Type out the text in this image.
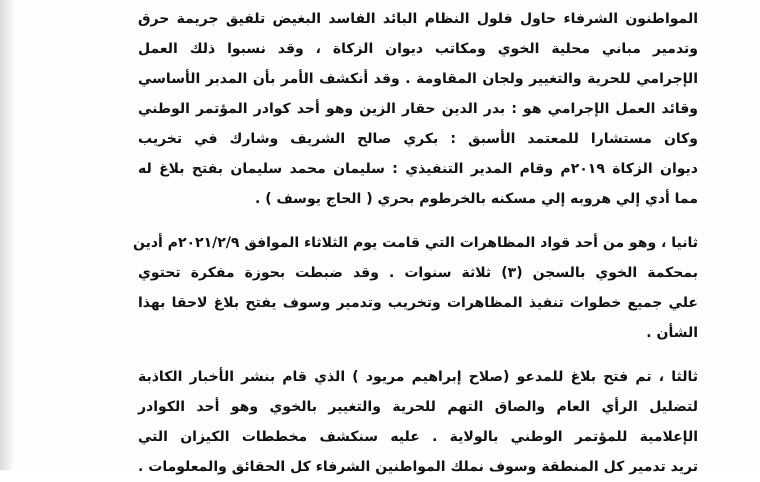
المواطنون الشرفاء حاول فلول النظام البائد الفاسد البغيض تلفيق جريمة حرق
وتدمير مباني محلية الخوي ومكاتب ديوان الزكاة ، وقد نسبوا ذلك العمل
الإجرامي للحرية والتغيير ولجان المقاومة . وقد أنكشف الأمر بأن المدبر الأساسي
وقائد العمل الإجرامي هو : بدر الدين حقار الزين وهو أحد كوادر المؤتمر الوطني
وكان مستشارا للمعتمد الأسبق : بكري صالح الشريف وشارك في تخريب
ديوان الزكاة ٢٠١٩م وقام المدير التنفيذي : سليمان محمد سليمان بفتح بلاغ له
مما أدي إلي هروبه إلي مسكنه بالخرطوم بحري ( الحاج يوسف ) .
ثانيا ، وهو من أحد قواد المظاهرات التي قامت يوم الثلاثاء الموافق ٢٠٢١/٢/٩م أدين
بمحكمة الخوي بالسجن (٣) ثلاثة سنوات . وقد ضبطت بحوزة مفكرة تحتوي
علي جميع خطوات تنفيذ المظاهرات وتخريب وتدمير وسوف يفتح بلاغ لاحقا بهذا
الشأن .
ثالثا ، تم فتح بلاغ للمدعو (صلاح إبراهيم مريود ) الذي قام بنشر الأخبار الكاذبة
لتضليل الرأي العام والصاق التهم للحرية والتغيير بالخوي وهو أحد الكوادر
الإعلامية للمؤتمر الوطني بالولاية . عليه سنكشف مخططات الكيزان التي
تريد تدمير كل المنطقة وسوف نملك المواطنين الشرفاء كل الحقائق والمعلومات .
